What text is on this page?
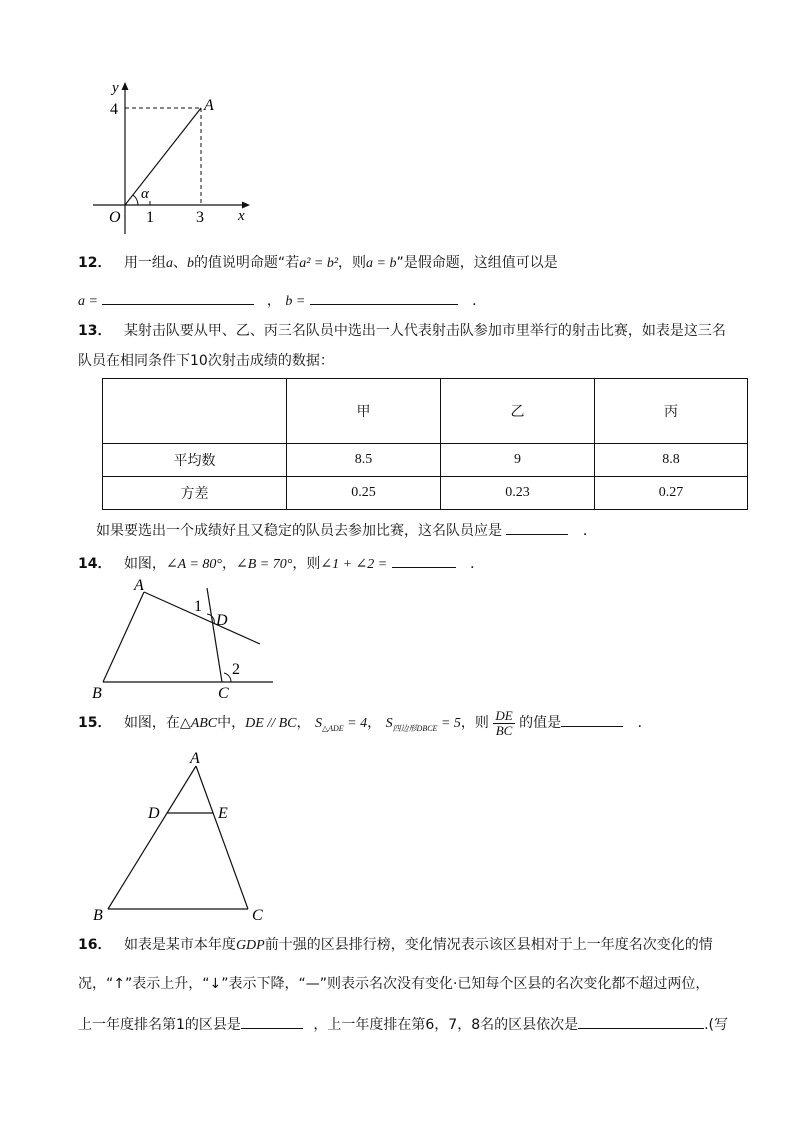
y
x
O
4
1	3
A
α
12． 用一组a、b的值说明命题“若a² = b²，则a = b”是假命题，这组值可以是
a =	， b =	．
13． 某射击队要从甲、乙、丙三名队员中选出一人代表射击队参加市里举行的射击比赛，如表是这三名
队员在相同条件下10次射击成绩的数据：
	甲	乙	丙
平均数	8.5	9	8.8
方差	0.25	0.23	0.27
如果要选出一个成绩好且又稳定的队员去参加比赛，这名队员应是	．
14． 如图，∠A = 80°，∠B = 70°，则∠1 + ∠2 =	．
A
B	C
D
1
2
15． 如图，在△ABC中，DE // BC， $S_{\triangle ADE} = 4$， $S_{四边形DBCE} = 5$，则 $\frac{DE}{BC}$ 的值是	．
A
D	E
B	C
16． 如表是某市本年度GDP前十强的区县排行榜，变化情况表示该区县相对于上一年度名次变化的情
况，“↑”表示上升，“↓”表示下降，“—”则表示名次没有变化·已知每个区县的名次变化都不超过两位，
上一年度排名第1的区县是	，上一年度排在第6，7，8名的区县依次是	.(写
